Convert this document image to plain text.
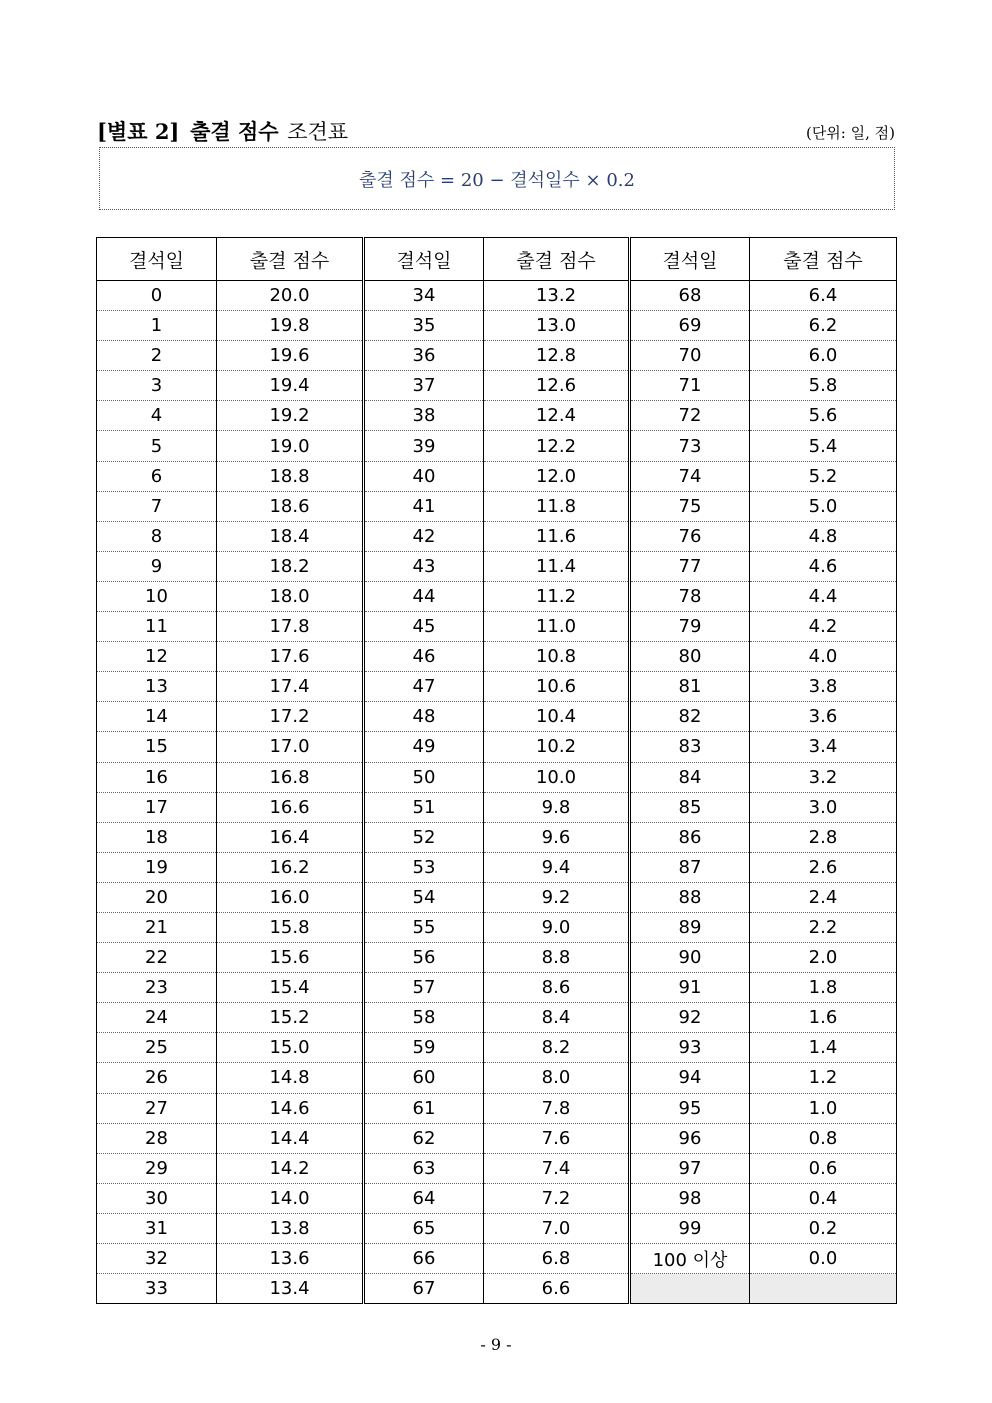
[별표 2] 출결 점수 조견표	(단위: 일, 점)
출결 점수 = 20 − 결석일수 × 0.2
결석일	출결 점수	결석일	출결 점수	결석일	출결 점수
0	20.0	34	13.2	68	6.4
1	19.8	35	13.0	69	6.2
2	19.6	36	12.8	70	6.0
3	19.4	37	12.6	71	5.8
4	19.2	38	12.4	72	5.6
5	19.0	39	12.2	73	5.4
6	18.8	40	12.0	74	5.2
7	18.6	41	11.8	75	5.0
8	18.4	42	11.6	76	4.8
9	18.2	43	11.4	77	4.6
10	18.0	44	11.2	78	4.4
11	17.8	45	11.0	79	4.2
12	17.6	46	10.8	80	4.0
13	17.4	47	10.6	81	3.8
14	17.2	48	10.4	82	3.6
15	17.0	49	10.2	83	3.4
16	16.8	50	10.0	84	3.2
17	16.6	51	9.8	85	3.0
18	16.4	52	9.6	86	2.8
19	16.2	53	9.4	87	2.6
20	16.0	54	9.2	88	2.4
21	15.8	55	9.0	89	2.2
22	15.6	56	8.8	90	2.0
23	15.4	57	8.6	91	1.8
24	15.2	58	8.4	92	1.6
25	15.0	59	8.2	93	1.4
26	14.8	60	8.0	94	1.2
27	14.6	61	7.8	95	1.0
28	14.4	62	7.6	96	0.8
29	14.2	63	7.4	97	0.6
30	14.0	64	7.2	98	0.4
31	13.8	65	7.0	99	0.2
32	13.6	66	6.8	100 이상	0.0
33	13.4	67	6.6		
- 9 -
